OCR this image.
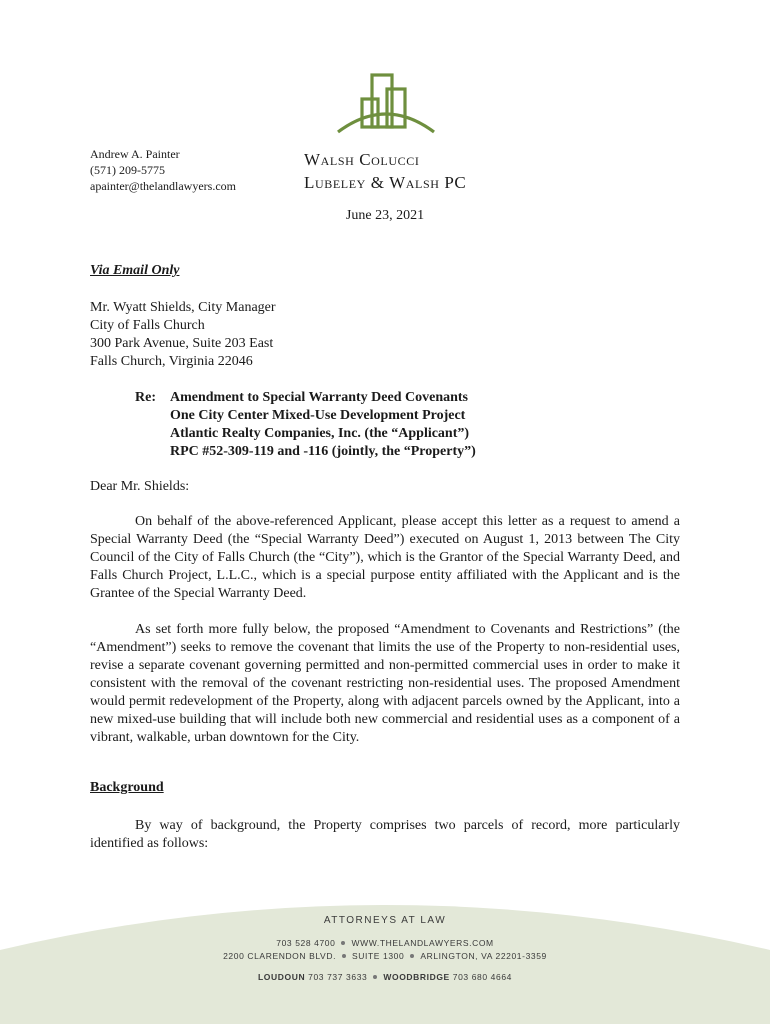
Walsh Colucci
Lubeley & Walsh PC
Andrew A. Painter
(571) 209-5775
apainter@thelandlawyers.com
June 23, 2021
Via Email Only
Mr. Wyatt Shields, City Manager
City of Falls Church
300 Park Avenue, Suite 203 East
Falls Church, Virginia 22046
Re: Amendment to Special Warranty Deed Covenants
One City Center Mixed-Use Development Project
Atlantic Realty Companies, Inc. (the “Applicant”)
RPC #52-309-119 and -116 (jointly, the “Property”)
Dear Mr. Shields:
On behalf of the above-referenced Applicant, please accept this letter as a request to amend a Special Warranty Deed (the “Special Warranty Deed”) executed on August 1, 2013 between The City Council of the City of Falls Church (the “City”), which is the Grantor of the Special Warranty Deed, and Falls Church Project, L.L.C., which is a special purpose entity affiliated with the Applicant and is the Grantee of the Special Warranty Deed.
As set forth more fully below, the proposed “Amendment to Covenants and Restrictions” (the “Amendment”) seeks to remove the covenant that limits the use of the Property to non-residential uses, revise a separate covenant governing permitted and non-permitted commercial uses in order to make it consistent with the removal of the covenant restricting non-residential uses. The proposed Amendment would permit redevelopment of the Property, along with adjacent parcels owned by the Applicant, into a new mixed-use building that will include both new commercial and residential uses as a component of a vibrant, walkable, urban downtown for the City.
Background
By way of background, the Property comprises two parcels of record, more particularly identified as follows:
ATTORNEYS AT LAW
703 528 4700 WWW.THELANDLAWYERS.COM
2200 CLARENDON BLVD. SUITE 1300 ARLINGTON, VA 22201-3359
LOUDOUN 703 737 3633 WOODBRIDGE 703 680 4664
